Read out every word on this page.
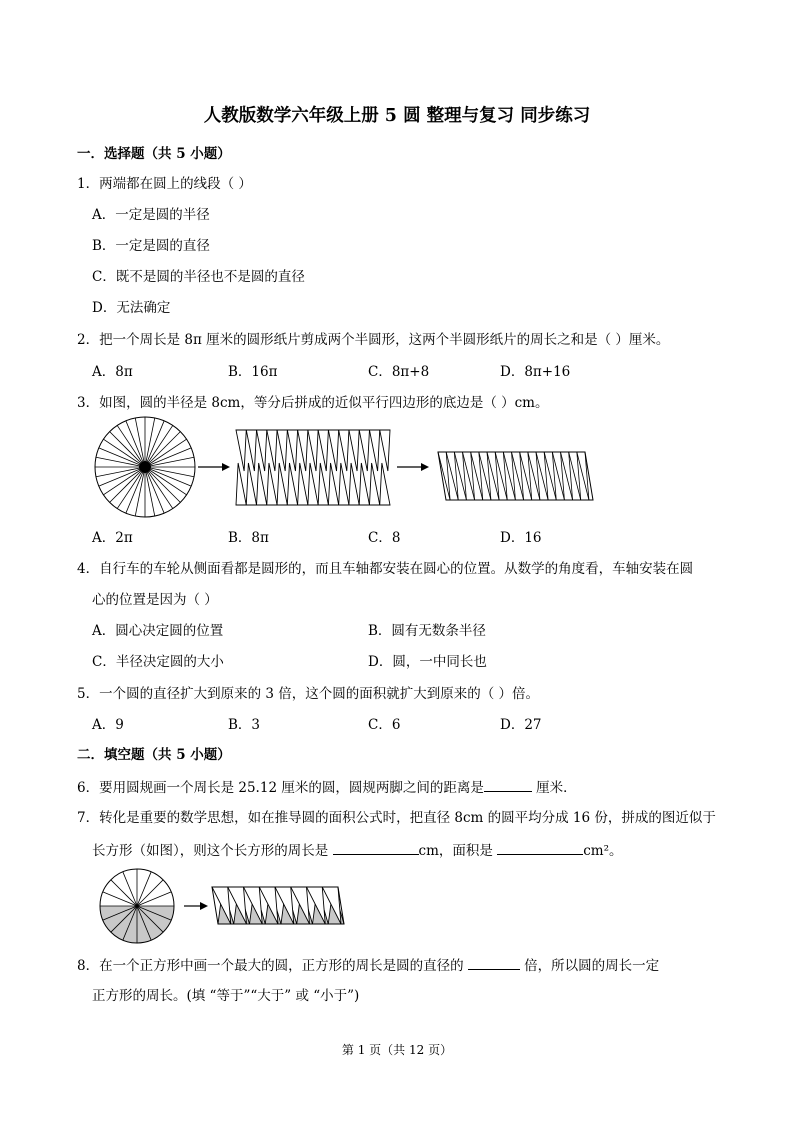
人教版数学六年级上册 5 圆 整理与复习 同步练习
一．选择题（共 5 小题）
1．两端都在圆上的线段（ ）
A．一定是圆的半径
B．一定是圆的直径
C．既不是圆的半径也不是圆的直径
D．无法确定
2．把一个周长是 8π 厘米的圆形纸片剪成两个半圆形，这两个半圆形纸片的周长之和是（ ）厘米。
A．8π	B．16π	C．8π+8	D．8π+16
3．如图，圆的半径是 8cm，等分后拼成的近似平行四边形的底边是（ ）cm。
A．2π	B．8π	C．8	D．16
4．自行车的车轮从侧面看都是圆形的，而且车轴都安装在圆心的位置。从数学的角度看，车轴安装在圆
心的位置是因为（ ）
A．圆心决定圆的位置	B．圆有无数条半径
C．半径决定圆的大小	D．圆，一中同长也
5．一个圆的直径扩大到原来的 3 倍，这个圆的面积就扩大到原来的（ ）倍。
A．9	B．3	C．6	D．27
二．填空题（共 5 小题）
6．要用圆规画一个周长是 25.12 厘米的圆，圆规两脚之间的距离是	厘米．
7．转化是重要的数学思想，如在推导圆的面积公式时，把直径 8cm 的圆平均分成 16 份，拼成的图近似于
长方形（如图），则这个长方形的周长是	cm，面积是	cm²。
8．在一个正方形中画一个最大的圆，正方形的周长是圆的直径的	倍，所以圆的周长一定
正方形的周长。(填 “等于”“大于” 或 “小于”)
第 1 页（共 12 页）
